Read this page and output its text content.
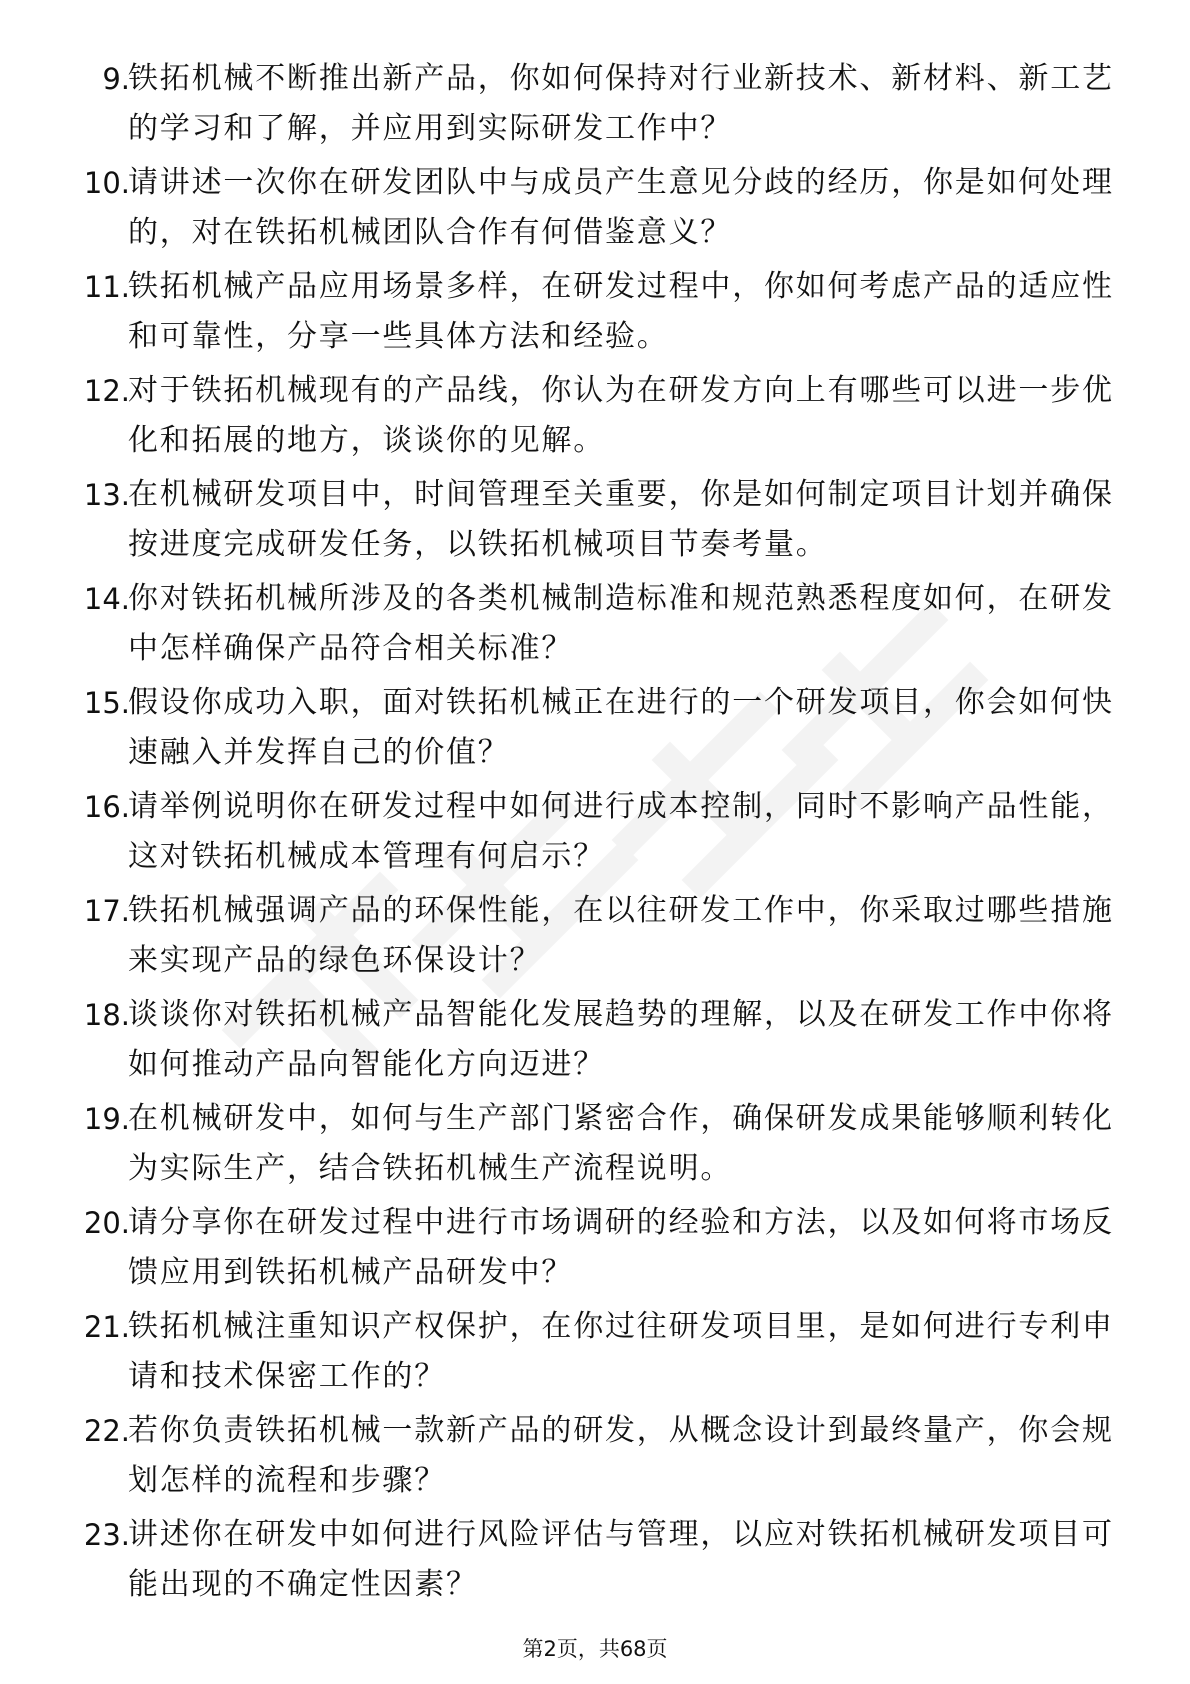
9.
铁拓机械不断推出新产品，你如何保持对行业新技术、新材料、新工艺的学习和了解，并应用到实际研发工作中？
10.
请讲述一次你在研发团队中与成员产生意见分歧的经历，你是如何处理的，对在铁拓机械团队合作有何借鉴意义？
11.
铁拓机械产品应用场景多样，在研发过程中，你如何考虑产品的适应性和可靠性，分享一些具体方法和经验。
12.
对于铁拓机械现有的产品线，你认为在研发方向上有哪些可以进一步优化和拓展的地方，谈谈你的见解。
13.
在机械研发项目中，时间管理至关重要，你是如何制定项目计划并确保按进度完成研发任务，以铁拓机械项目节奏考量。
14.
你对铁拓机械所涉及的各类机械制造标准和规范熟悉程度如何，在研发中怎样确保产品符合相关标准？
15.
假设你成功入职，面对铁拓机械正在进行的一个研发项目，你会如何快速融入并发挥自己的价值？
16.
请举例说明你在研发过程中如何进行成本控制，同时不影响产品性能，这对铁拓机械成本管理有何启示？
17.
铁拓机械强调产品的环保性能，在以往研发工作中，你采取过哪些措施来实现产品的绿色环保设计？
18.
谈谈你对铁拓机械产品智能化发展趋势的理解，以及在研发工作中你将如何推动产品向智能化方向迈进？
19.
在机械研发中，如何与生产部门紧密合作，确保研发成果能够顺利转化为实际生产，结合铁拓机械生产流程说明。
20.
请分享你在研发过程中进行市场调研的经验和方法，以及如何将市场反馈应用到铁拓机械产品研发中？
21.
铁拓机械注重知识产权保护，在你过往研发项目里，是如何进行专利申请和技术保密工作的？
22.
若你负责铁拓机械一款新产品的研发，从概念设计到最终量产，你会规划怎样的流程和步骤？
23.
讲述你在研发中如何进行风险评估与管理，以应对铁拓机械研发项目可能出现的不确定性因素？
第2页，共68页
